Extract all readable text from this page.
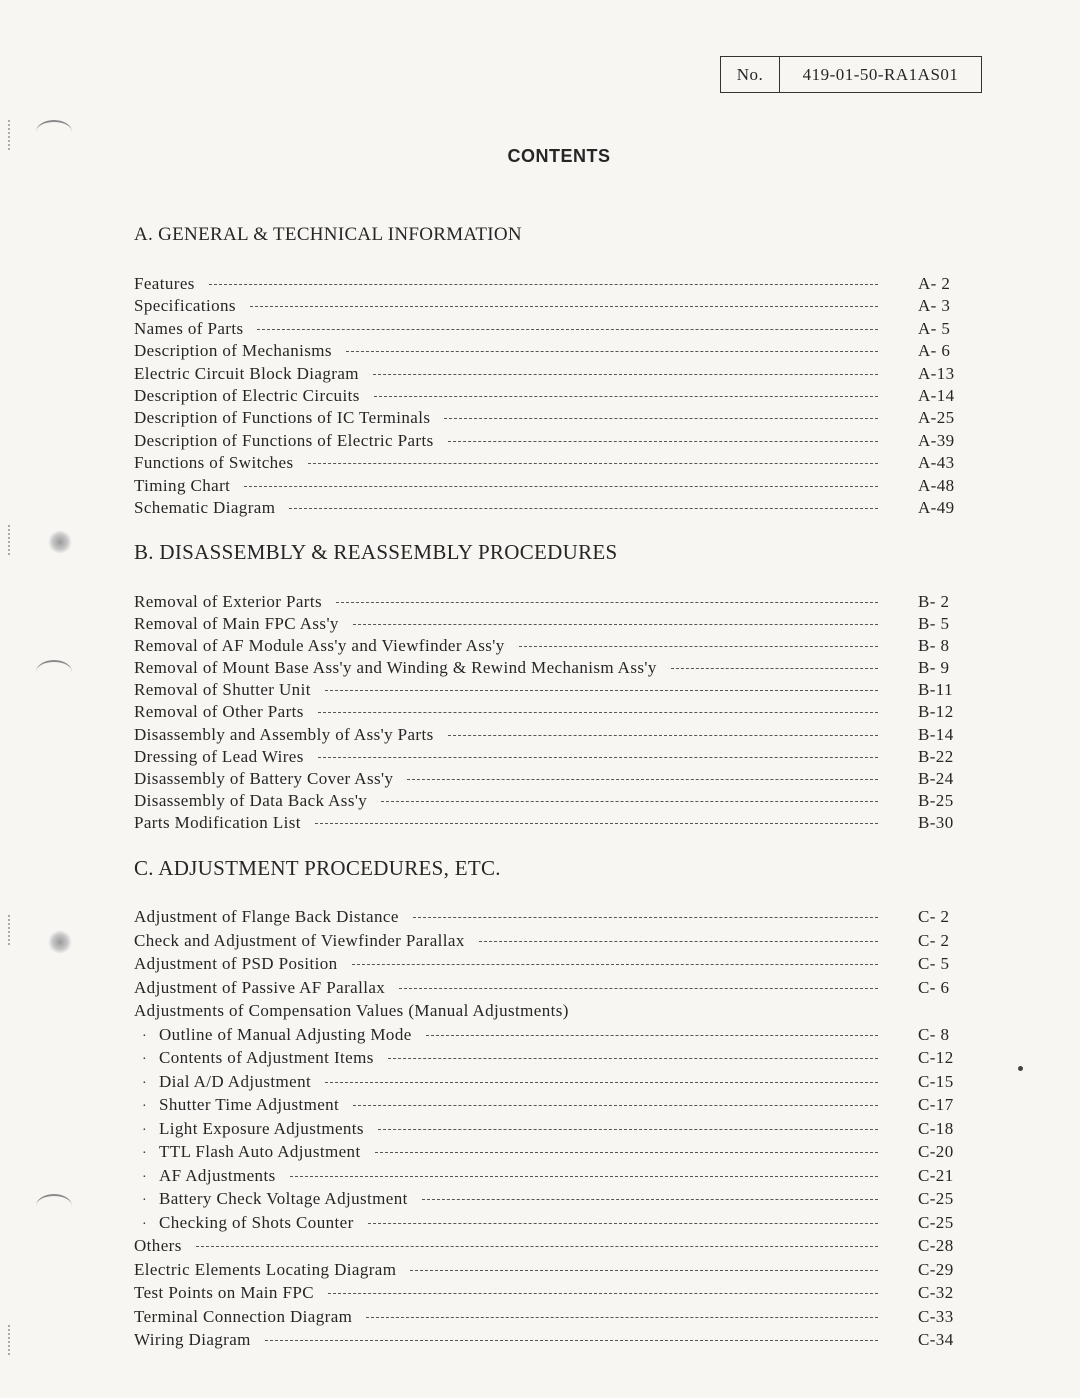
No.	419-01-50-RA1AS01
CONTENTS
A. GENERAL & TECHNICAL INFORMATION
Features	A- 2
Specifications	A- 3
Names of Parts	A- 5
Description of Mechanisms	A- 6
Electric Circuit Block Diagram	A-13
Description of Electric Circuits	A-14
Description of Functions of IC Terminals	A-25
Description of Functions of Electric Parts	A-39
Functions of Switches	A-43
Timing Chart	A-48
Schematic Diagram	A-49
B. DISASSEMBLY & REASSEMBLY PROCEDURES
Removal of Exterior Parts	B- 2
Removal of Main FPC Ass'y	B- 5
Removal of AF Module Ass'y and Viewfinder Ass'y	B- 8
Removal of Mount Base Ass'y and Winding & Rewind Mechanism Ass'y	B- 9
Removal of Shutter Unit	B-11
Removal of Other Parts	B-12
Disassembly and Assembly of Ass'y Parts	B-14
Dressing of Lead Wires	B-22
Disassembly of Battery Cover Ass'y	B-24
Disassembly of Data Back Ass'y	B-25
Parts Modification List	B-30
C. ADJUSTMENT PROCEDURES, ETC.
Adjustment of Flange Back Distance	C- 2
Check and Adjustment of Viewfinder Parallax	C- 2
Adjustment of PSD Position	C- 5
Adjustment of Passive AF Parallax	C- 6
Adjustments of Compensation Values (Manual Adjustments)
· Outline of Manual Adjusting Mode	C- 8
· Contents of Adjustment Items	C-12
· Dial A/D Adjustment	C-15
· Shutter Time Adjustment	C-17
· Light Exposure Adjustments	C-18
· TTL Flash Auto Adjustment	C-20
· AF Adjustments	C-21
· Battery Check Voltage Adjustment	C-25
· Checking of Shots Counter	C-25
Others	C-28
Electric Elements Locating Diagram	C-29
Test Points on Main FPC	C-32
Terminal Connection Diagram	C-33
Wiring Diagram	C-34
